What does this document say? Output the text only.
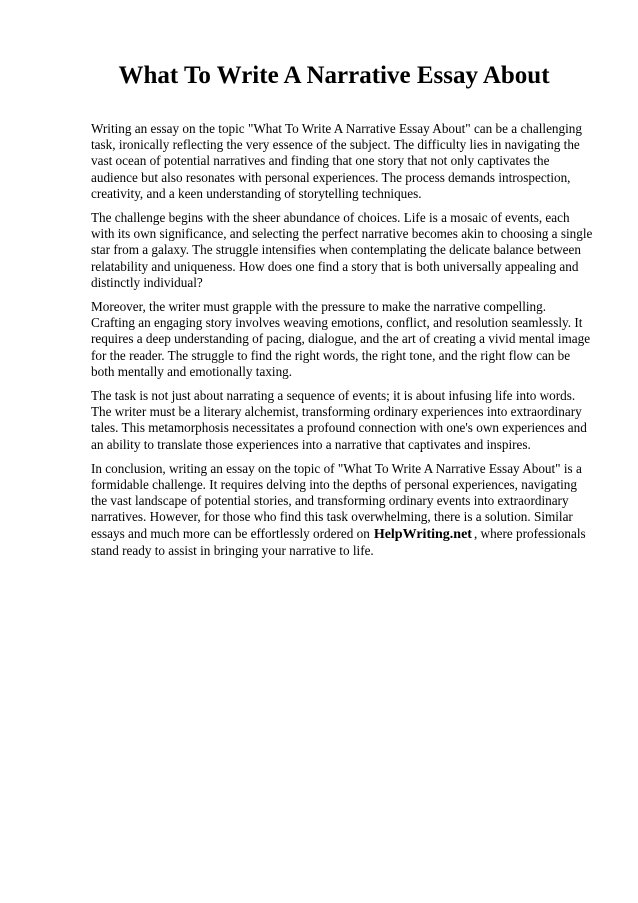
What To Write A Narrative Essay About

Writing an essay on the topic "What To Write A Narrative Essay About" can be a challenging task, ironically reflecting the very essence of the subject. The difficulty lies in navigating the vast ocean of potential narratives and finding that one story that not only captivates the audience but also resonates with personal experiences. The process demands introspection, creativity, and a keen understanding of storytelling techniques.

The challenge begins with the sheer abundance of choices. Life is a mosaic of events, each with its own significance, and selecting the perfect narrative becomes akin to choosing a single star from a galaxy. The struggle intensifies when contemplating the delicate balance between relatability and uniqueness. How does one find a story that is both universally appealing and distinctly individual?

Moreover, the writer must grapple with the pressure to make the narrative compelling. Crafting an engaging story involves weaving emotions, conflict, and resolution seamlessly. It requires a deep understanding of pacing, dialogue, and the art of creating a vivid mental image for the reader. The struggle to find the right words, the right tone, and the right flow can be both mentally and emotionally taxing.

The task is not just about narrating a sequence of events; it is about infusing life into words. The writer must be a literary alchemist, transforming ordinary experiences into extraordinary tales. This metamorphosis necessitates a profound connection with one's own experiences and an ability to translate those experiences into a narrative that captivates and inspires.

In conclusion, writing an essay on the topic of "What To Write A Narrative Essay About" is a formidable challenge. It requires delving into the depths of personal experiences, navigating the vast landscape of potential stories, and transforming ordinary events into extraordinary narratives. However, for those who find this task overwhelming, there is a solution. Similar essays and much more can be effortlessly ordered on HelpWriting.net , where professionals stand ready to assist in bringing your narrative to life.
